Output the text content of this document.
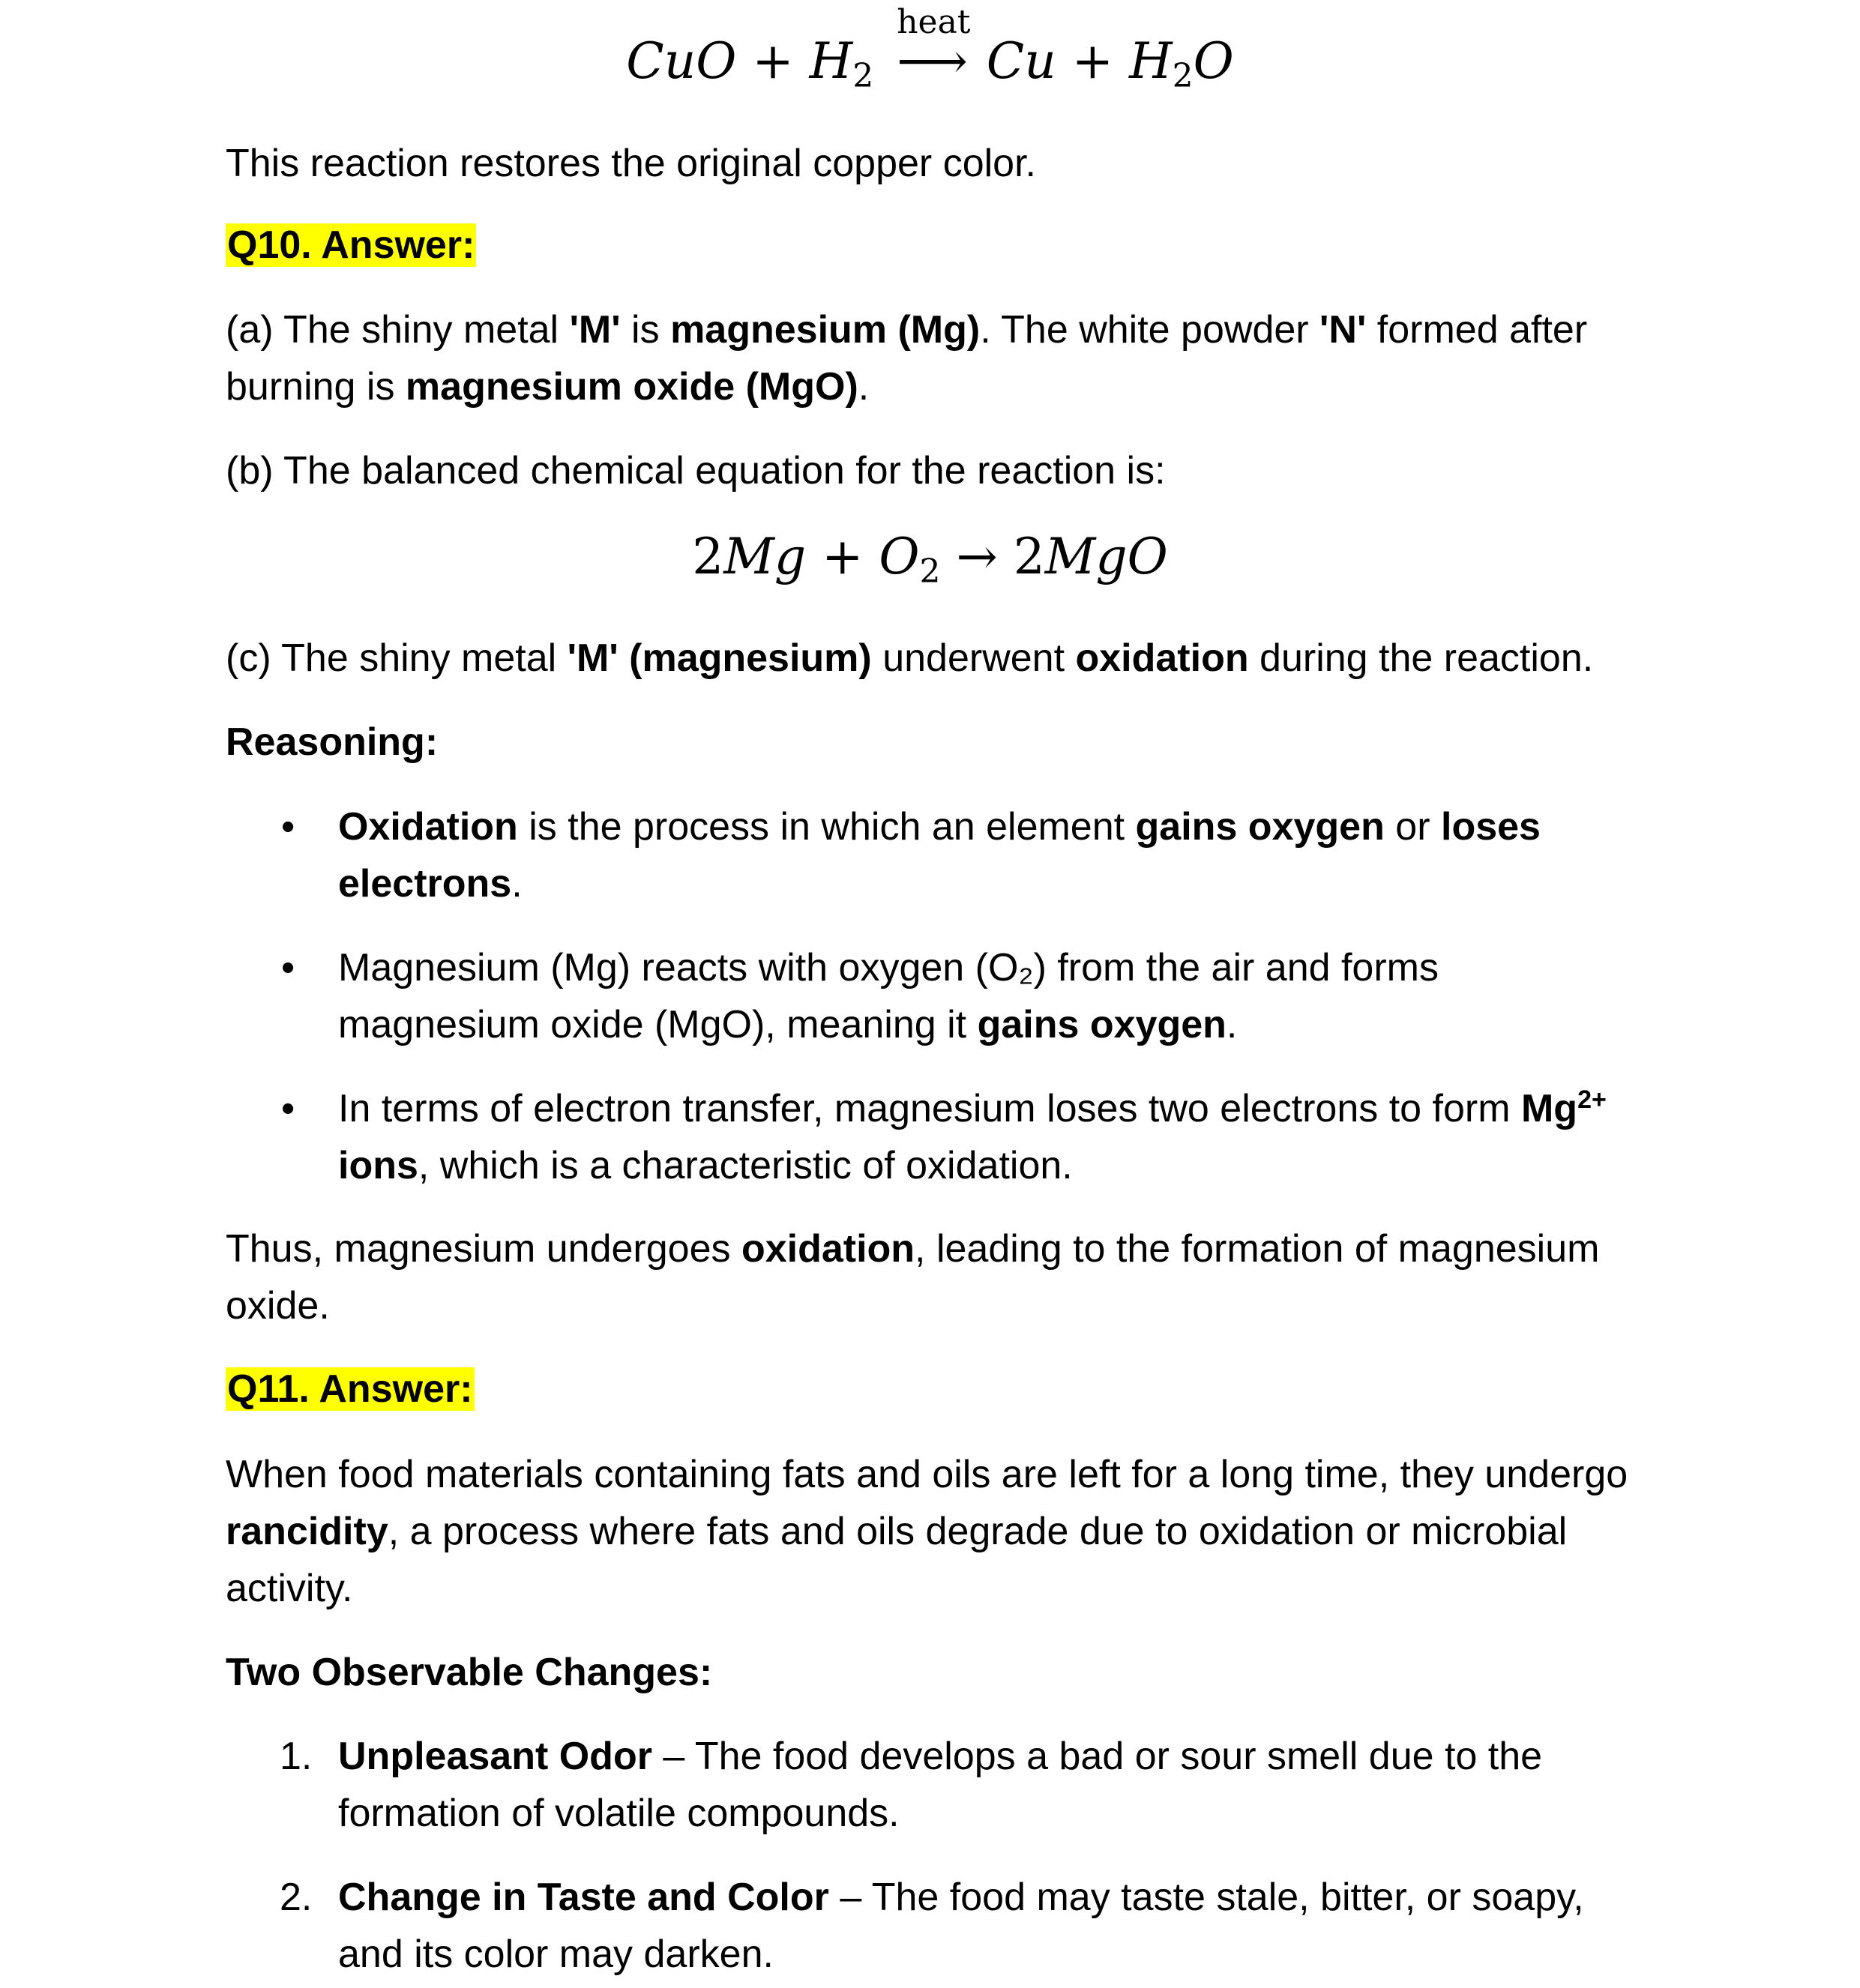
CuO + $H_2$
heat
⟶ $Cu + H_2O$

This reaction restores the original copper color.

Q10. Answer:

(a) The shiny metal 'M' is magnesium (Mg). The white powder 'N' formed after burning is magnesium oxide (MgO).

(b) The balanced chemical equation for the reaction is:

$2Mg + O_2 \to 2MgO$

(c) The shiny metal 'M' (magnesium) underwent oxidation during the reaction.

Reasoning:

• Oxidation is the process in which an element gains oxygen or loses electrons.

• Magnesium (Mg) reacts with oxygen (O₂) from the air and forms magnesium oxide (MgO), meaning it gains oxygen.

• In terms of electron transfer, magnesium loses two electrons to form $Mg^{2+}$ ions, which is a characteristic of oxidation.

Thus, magnesium undergoes oxidation, leading to the formation of magnesium oxide.

Q11. Answer:

When food materials containing fats and oils are left for a long time, they undergo rancidity, a process where fats and oils degrade due to oxidation or microbial activity.

Two Observable Changes:

1. Unpleasant Odor – The food develops a bad or sour smell due to the formation of volatile compounds.

2. Change in Taste and Color – The food may taste stale, bitter, or soapy, and its color may darken.
